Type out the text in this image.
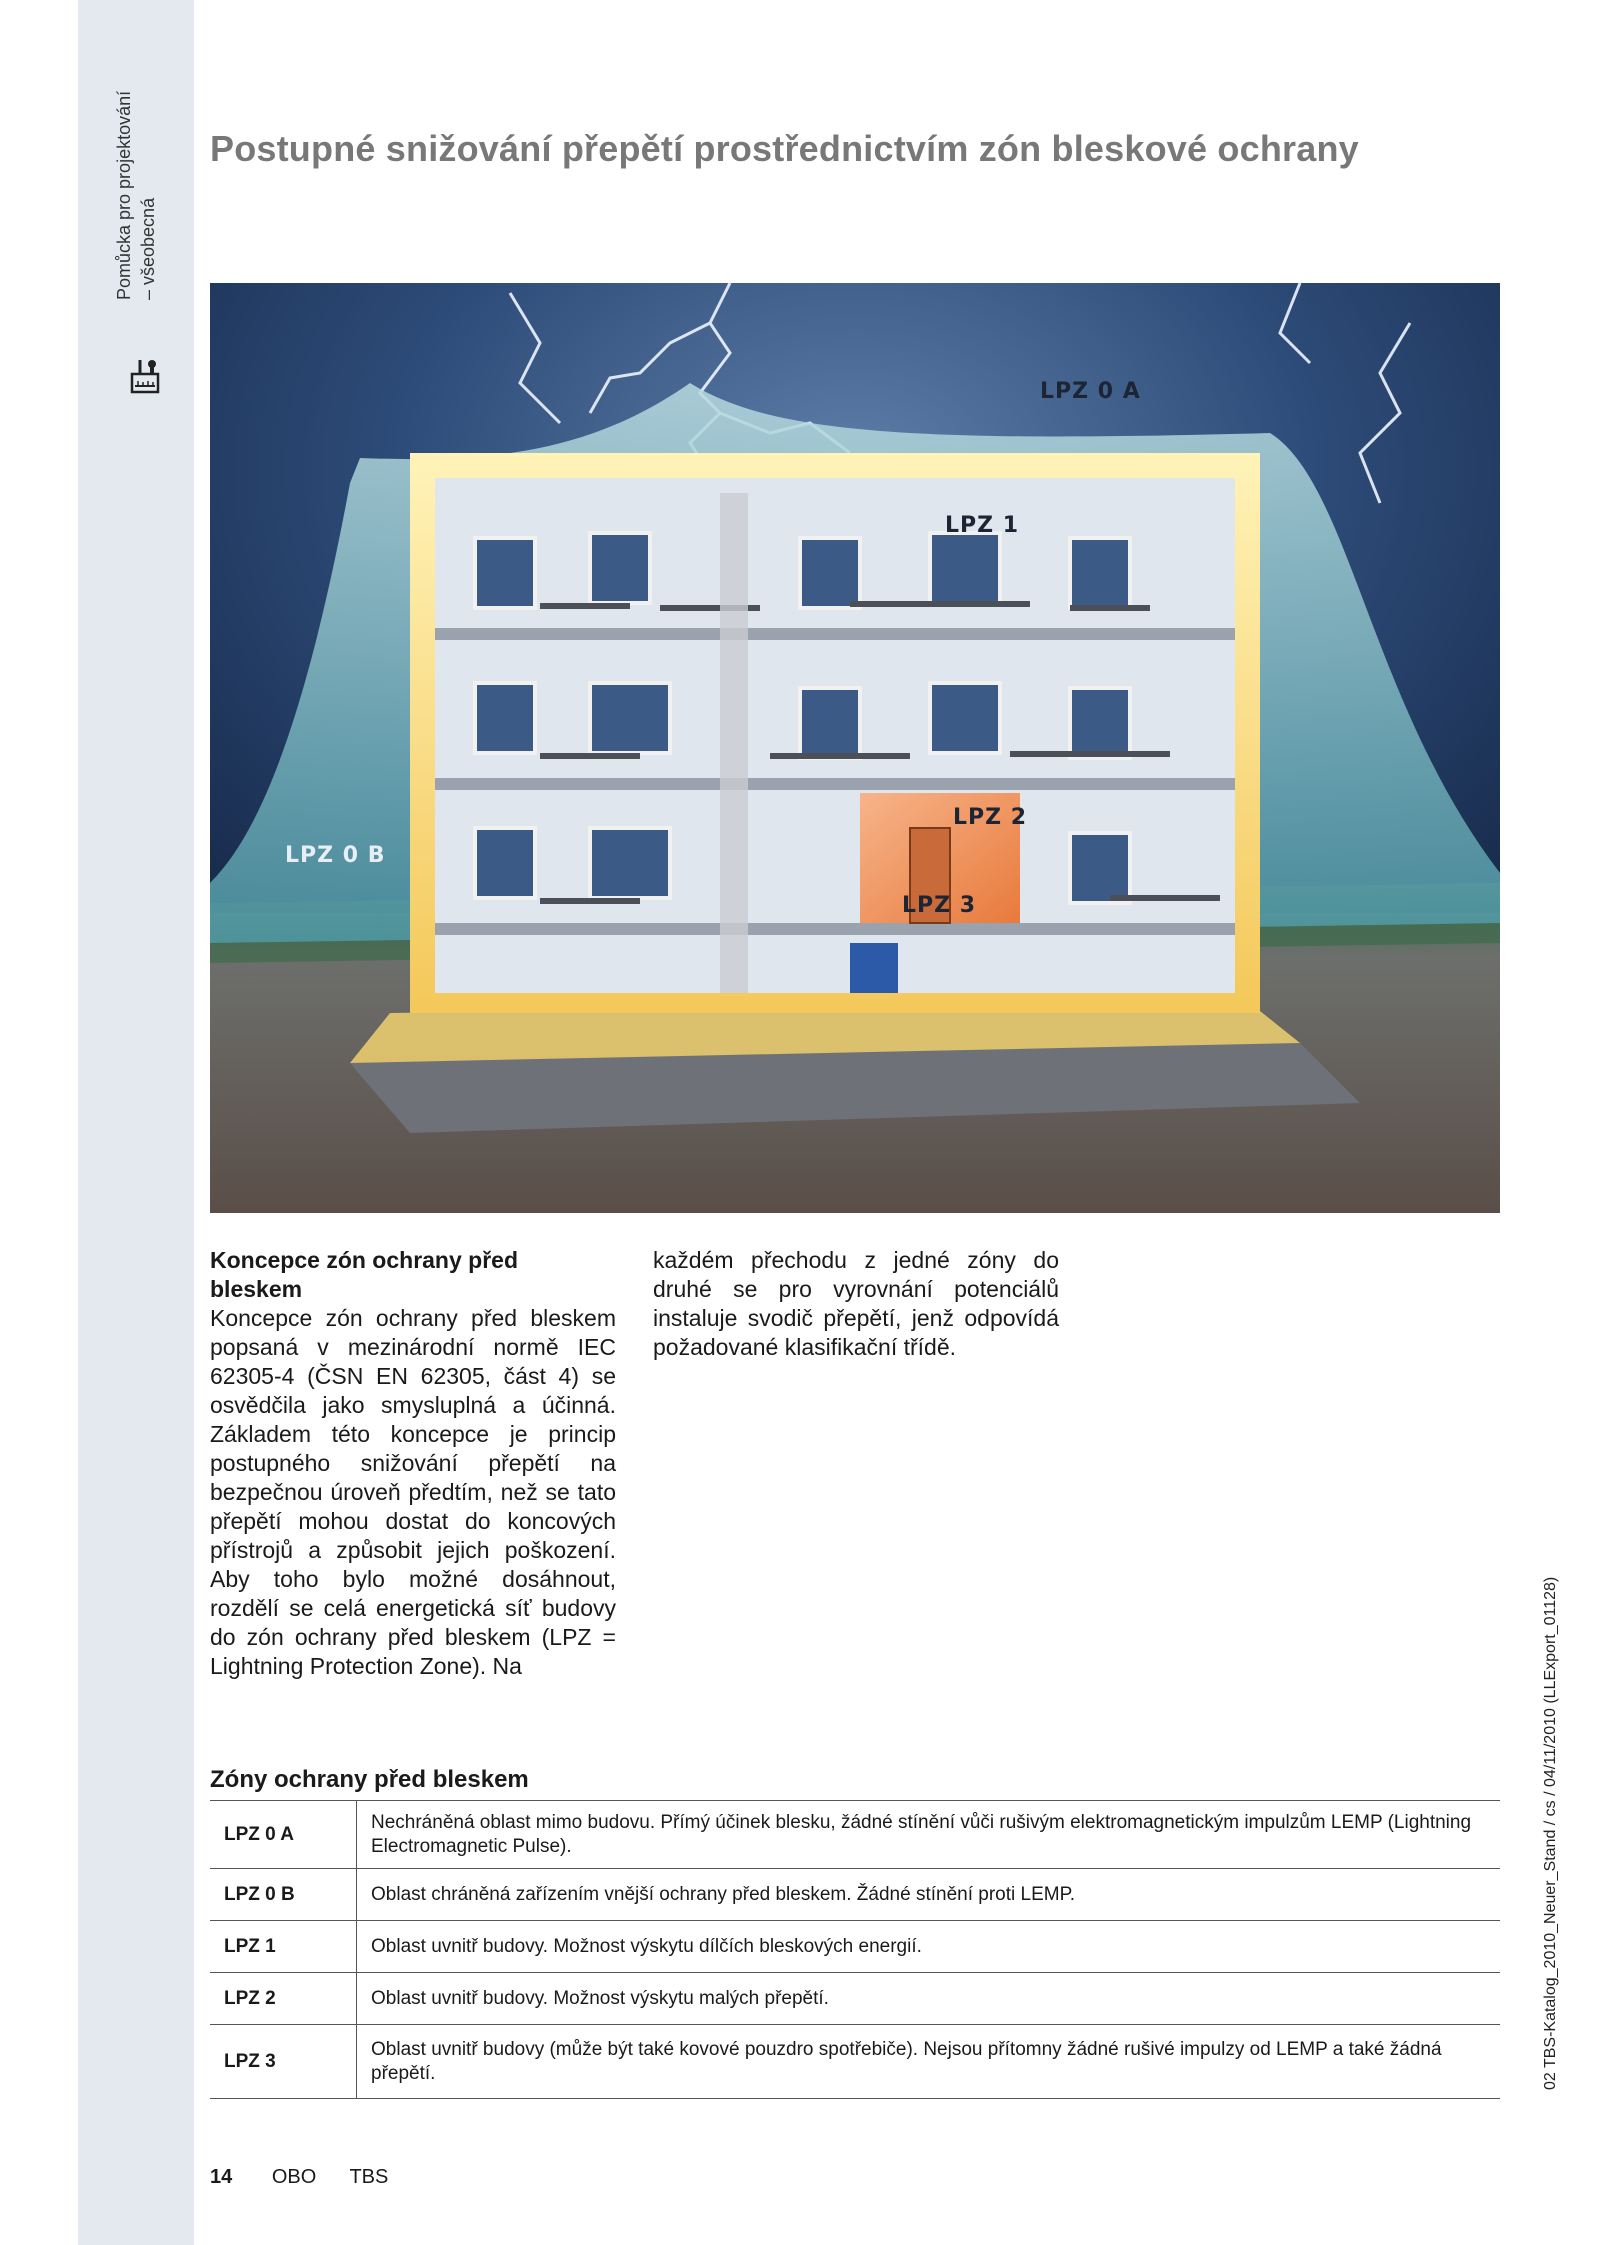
Pomůcka pro projektování – všeobecná
Postupné snižování přepětí prostřednictvím zón bleskové ochrany
LPZ 0 A
LPZ 1
LPZ 0 B
LPZ 2
LPZ 3
Koncepce zón ochrany před bleskem

Koncepce zón ochrany před bleskem popsaná v mezinárodní normě IEC 62305-4 (ČSN EN 62305, část 4) se osvědčila jako smysluplná a účinná. Základem této koncepce je princip postupného snižování přepětí na bezpečnou úroveň předtím, než se tato přepětí mohou dostat do koncových přístrojů a způsobit jejich poškození. Aby toho bylo možné dosáhnout, rozdělí se celá energetická síť budovy do zón ochrany před bleskem (LPZ = Lightning Protection Zone). Na

každém přechodu z jedné zóny do druhé se pro vyrovnání potenciálů instaluje svodič přepětí, jenž odpovídá požadované klasifikační třídě.

Zóny ochrany před bleskem
LPZ 0 A	Nechráněná oblast mimo budovu. Přímý účinek blesku, žádné stínění vůči rušivým elektromagnetickým impulzům LEMP (Lightning Electromagnetic Pulse).
LPZ 0 B	Oblast chráněná zařízením vnější ochrany před bleskem. Žádné stínění proti LEMP.
LPZ 1	Oblast uvnitř budovy. Možnost výskytu dílčích bleskových energií.
LPZ 2	Oblast uvnitř budovy. Možnost výskytu malých přepětí.
LPZ 3	Oblast uvnitř budovy (může být také kovové pouzdro spotřebiče). Nejsou přítomny žádné rušivé impulzy od LEMP a také žádná přepětí.
14 OBO TBS
02 TBS-Katalog_2010_Neuer_Stand / cs / 04/11/2010 (LLExport_01128)
